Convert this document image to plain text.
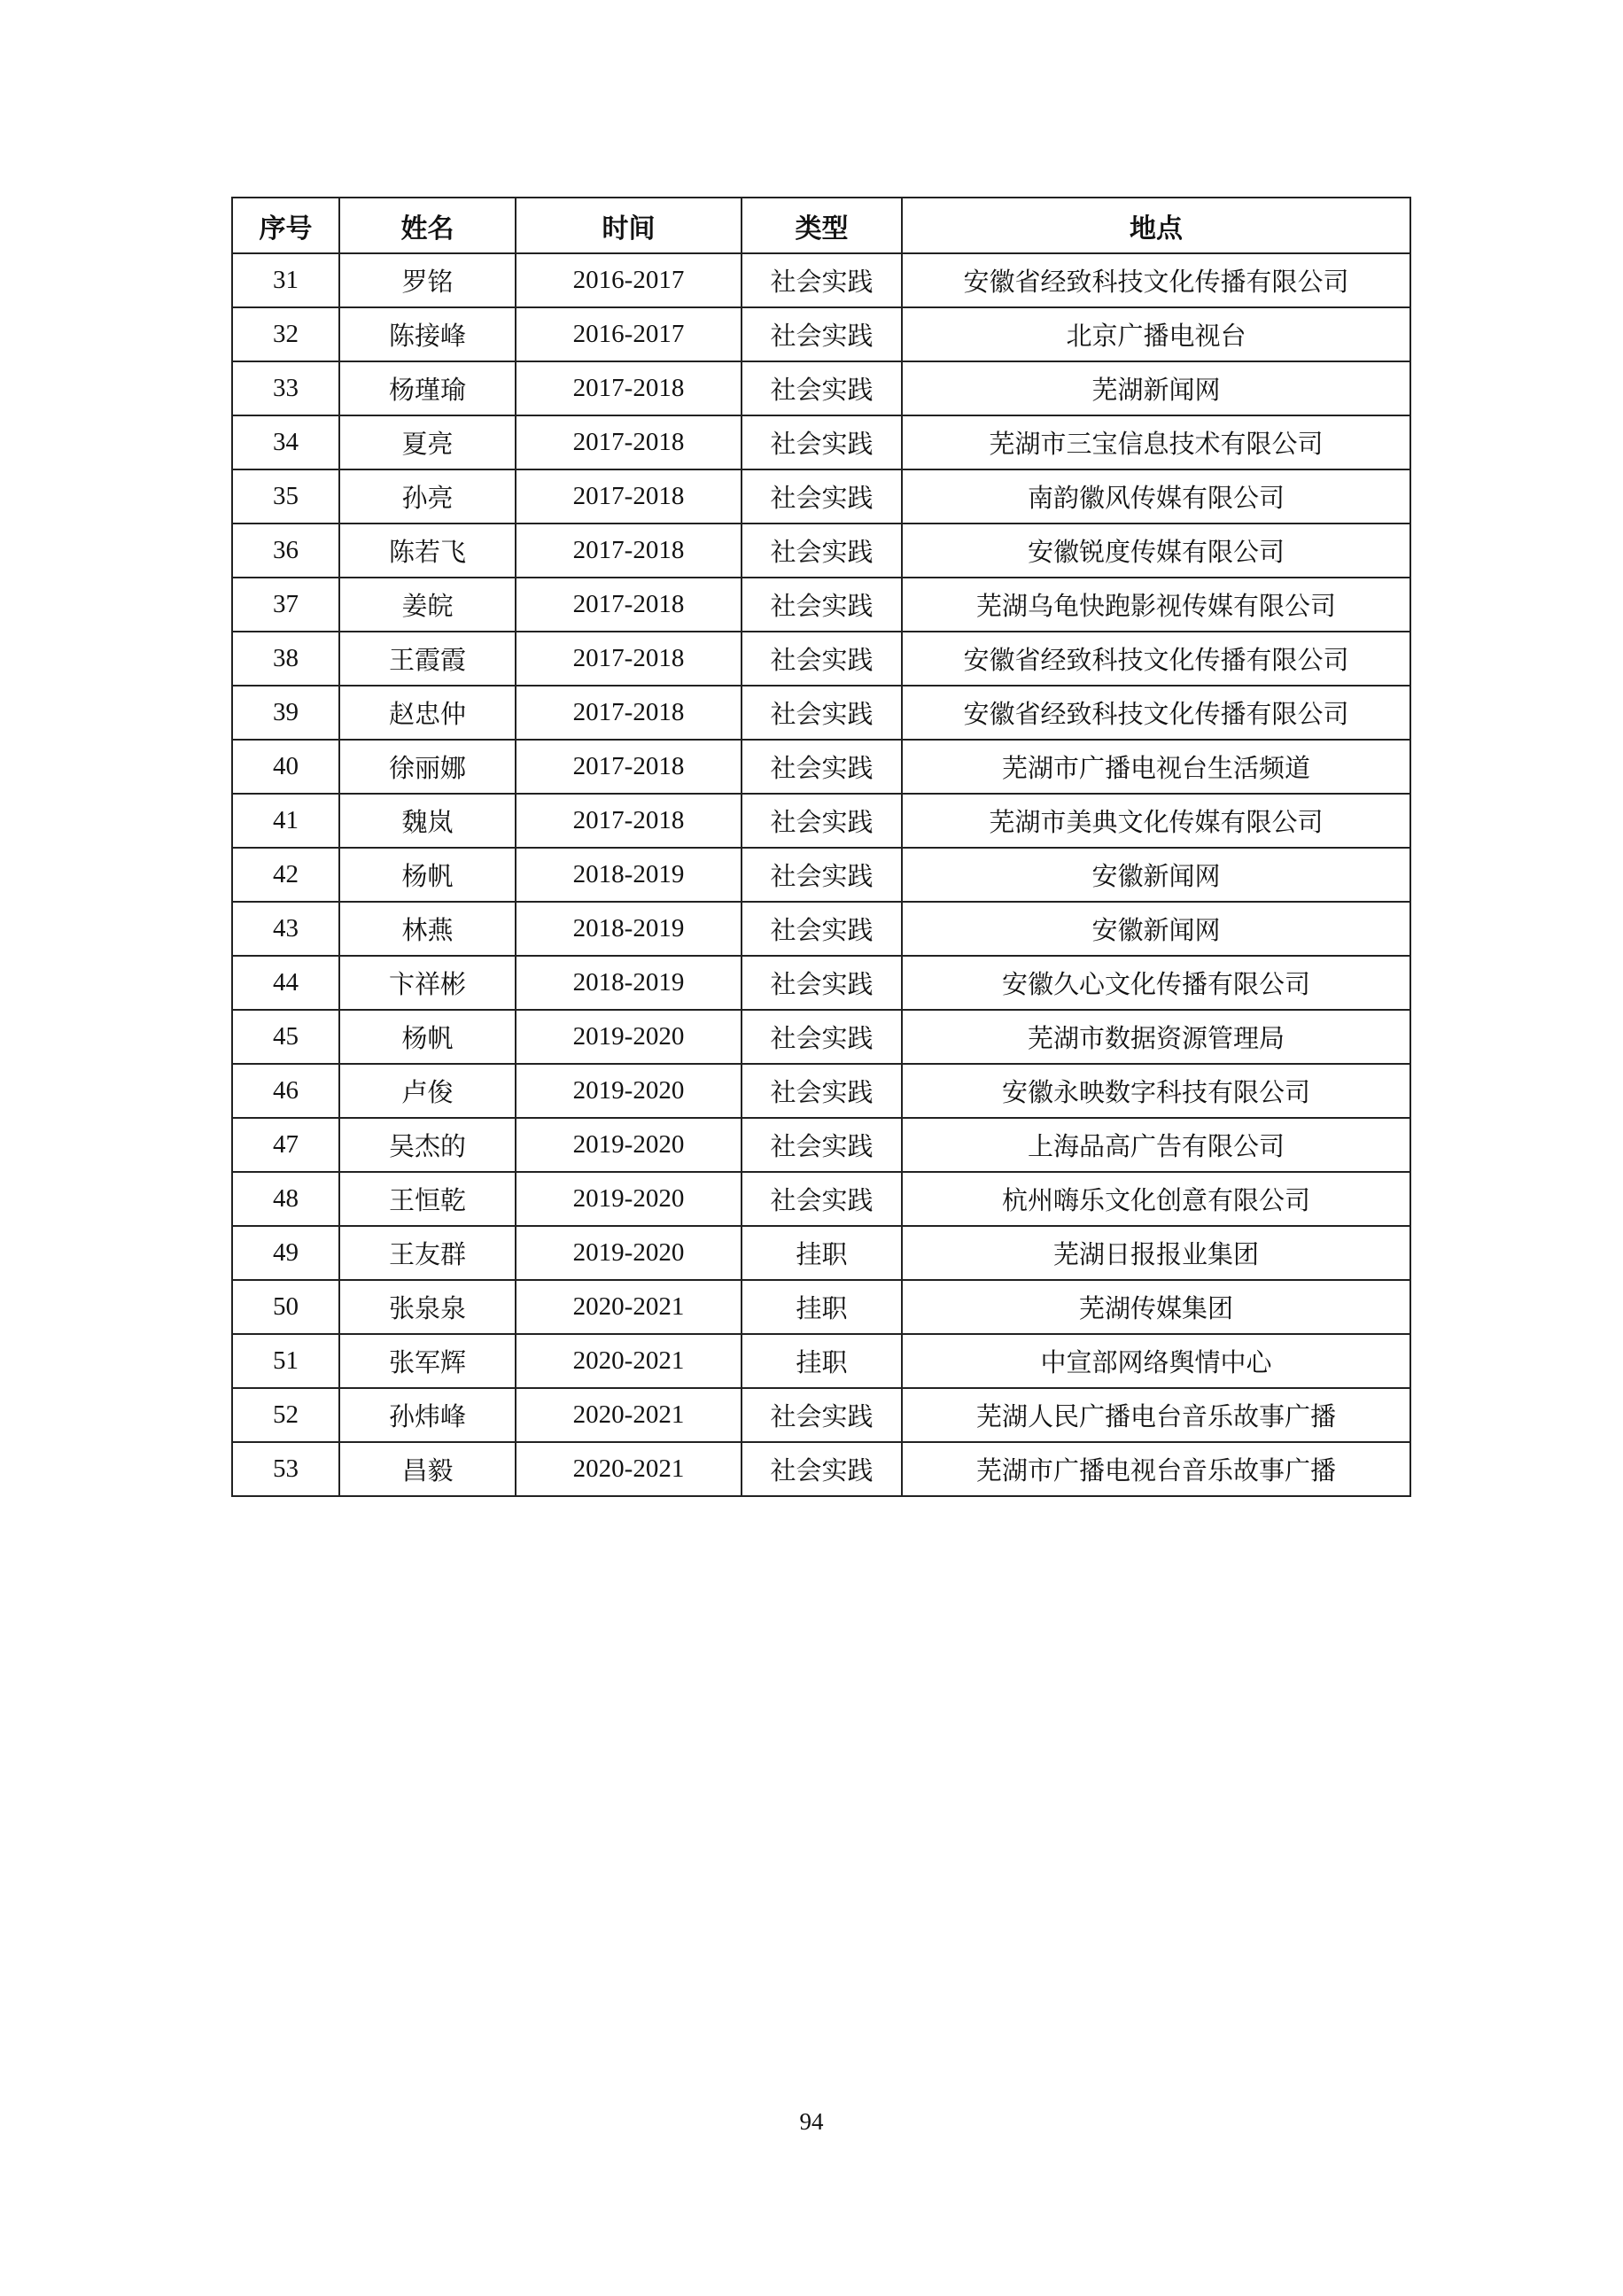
序号	姓名	时间	类型	地点
31	罗铭	2016-2017	社会实践	安徽省经致科技文化传播有限公司
32	陈接峰	2016-2017	社会实践	北京广播电视台
33	杨瑾瑜	2017-2018	社会实践	芜湖新闻网
34	夏亮	2017-2018	社会实践	芜湖市三宝信息技术有限公司
35	孙亮	2017-2018	社会实践	南韵徽风传媒有限公司
36	陈若飞	2017-2018	社会实践	安徽锐度传媒有限公司
37	姜皖	2017-2018	社会实践	芜湖乌龟快跑影视传媒有限公司
38	王霞霞	2017-2018	社会实践	安徽省经致科技文化传播有限公司
39	赵忠仲	2017-2018	社会实践	安徽省经致科技文化传播有限公司
40	徐丽娜	2017-2018	社会实践	芜湖市广播电视台生活频道
41	魏岚	2017-2018	社会实践	芜湖市美典文化传媒有限公司
42	杨帆	2018-2019	社会实践	安徽新闻网
43	林燕	2018-2019	社会实践	安徽新闻网
44	卞祥彬	2018-2019	社会实践	安徽久心文化传播有限公司
45	杨帆	2019-2020	社会实践	芜湖市数据资源管理局
46	卢俊	2019-2020	社会实践	安徽永映数字科技有限公司
47	吴杰的	2019-2020	社会实践	上海品高广告有限公司
48	王恒乾	2019-2020	社会实践	杭州嗨乐文化创意有限公司
49	王友群	2019-2020	挂职	芜湖日报报业集团
50	张泉泉	2020-2021	挂职	芜湖传媒集团
51	张军辉	2020-2021	挂职	中宣部网络舆情中心
52	孙炜峰	2020-2021	社会实践	芜湖人民广播电台音乐故事广播
53	昌毅	2020-2021	社会实践	芜湖市广播电视台音乐故事广播
94
